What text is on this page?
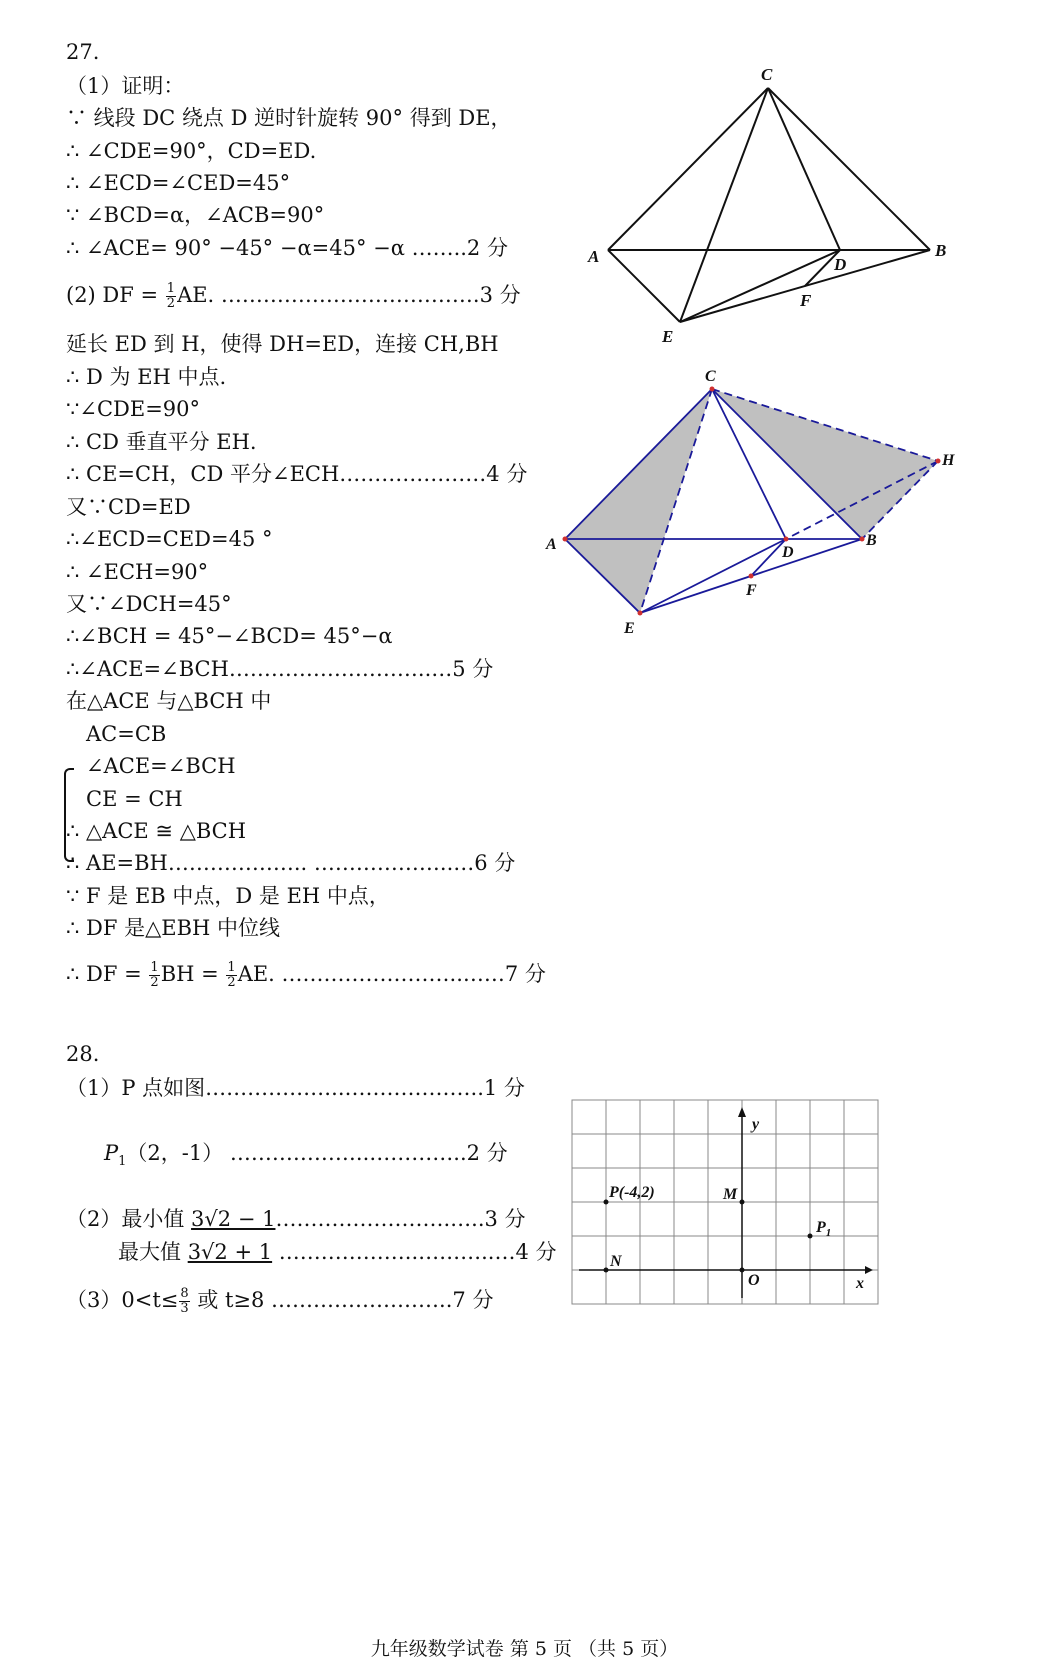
27.
（1）证明：
∵ 线段 DC 绕点 D 逆时针旋转 90° 得到 DE，
∴ ∠CDE=90°，CD=ED.
∴ ∠ECD=∠CED=45°
∵ ∠BCD=α，∠ACB=90°
∴ ∠ACE= 90° −45° −α=45° −α ……..2 分
(2) DF = $\frac{1}{2}$ AE. ……………………………….3 分
延长 ED 到 H，使得 DH=ED，连接 CH,BH
∴ D 为 EH 中点.
∵∠CDE=90°
∴ CD 垂直平分 EH.
∴ CE=CH，CD 平分∠ECH…………………4 分
又∵CD=ED
∴∠ECD=CED=45 °
∴ ∠ECH=90°
又∵∠DCH=45°
∴∠BCH = 45°−∠BCD= 45°−α
∴∠ACE=∠BCH………………………..…5 分
在△ACE 与△BCH 中
AC=CB
∠ACE=∠BCH
CE = CH
∴ △ACE ≅ △BCH
∴ AE=BH……………….. ………………..…6 分
∵ F 是 EB 中点，D 是 EH 中点，
∴ DF 是△EBH 中位线
∴ DF = $\frac{1}{2}$ BH = $\frac{1}{2}$ AE. ……………………..……7 分
C
A	B
D
F
E
C
A	B
D
F
E
H
28.
（1）P 点如图………………..………………..1 分
$P_1(2$，-1） ………………..…………..2 分
（2）最小值 3√2 − 1…………………….…..3 分
最大值 3√2 + 1 ………………..………..…4 分
$(3)0<t\le \frac{8}{3}$ 或 t≥8 ……………………..7 分
y
x
O
M
N
P(-4,2)
$P_1$
九年级数学试卷 第 5 页 （共 5 页）
